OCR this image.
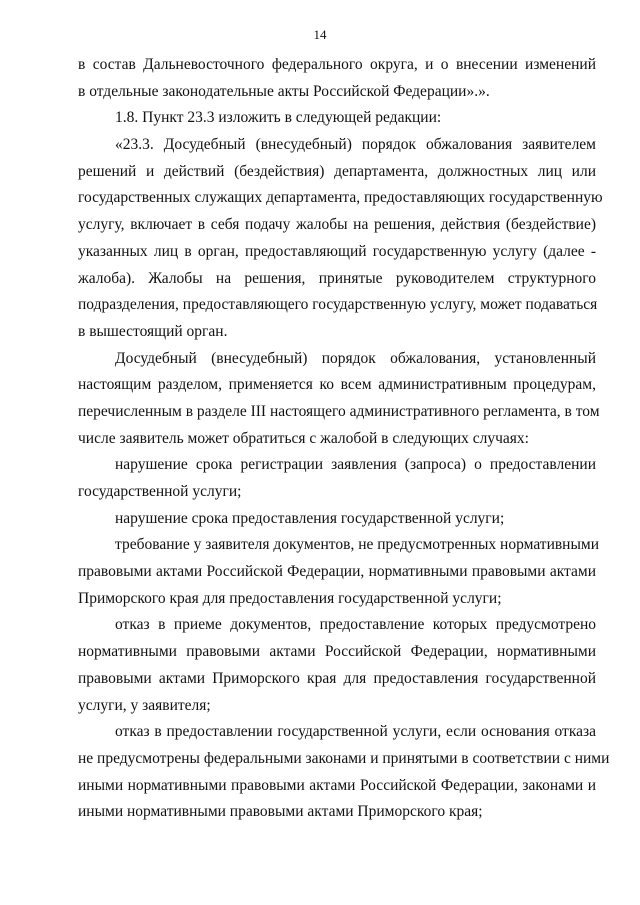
14
в состав Дальневосточного федерального округа, и о внесении изменений
в отдельные законодательные акты Российской Федерации».».
1.8. Пункт 23.3 изложить в следующей редакции:
«23.3. Досудебный (внесудебный) порядок обжалования заявителем
решений и действий (бездействия) департамента, должностных лиц или
государственных служащих департамента, предоставляющих государственную
услугу, включает в себя подачу жалобы на решения, действия (бездействие)
указанных лиц в орган, предоставляющий государственную услугу (далее -
жалоба). Жалобы на решения, принятые руководителем структурного
подразделения, предоставляющего государственную услугу, может подаваться
в вышестоящий орган.
Досудебный (внесудебный) порядок обжалования, установленный
настоящим разделом, применяется ко всем административным процедурам,
перечисленным в разделе III настоящего административного регламента, в том
числе заявитель может обратиться с жалобой в следующих случаях:
нарушение срока регистрации заявления (запроса) о предоставлении
государственной услуги;
нарушение срока предоставления государственной услуги;
требование у заявителя документов, не предусмотренных нормативными
правовыми актами Российской Федерации, нормативными правовыми актами
Приморского края для предоставления государственной услуги;
отказ в приеме документов, предоставление которых предусмотрено
нормативными правовыми актами Российской Федерации, нормативными
правовыми актами Приморского края для предоставления государственной
услуги, у заявителя;
отказ в предоставлении государственной услуги, если основания отказа
не предусмотрены федеральными законами и принятыми в соответствии с ними
иными нормативными правовыми актами Российской Федерации, законами и
иными нормативными правовыми актами Приморского края;
